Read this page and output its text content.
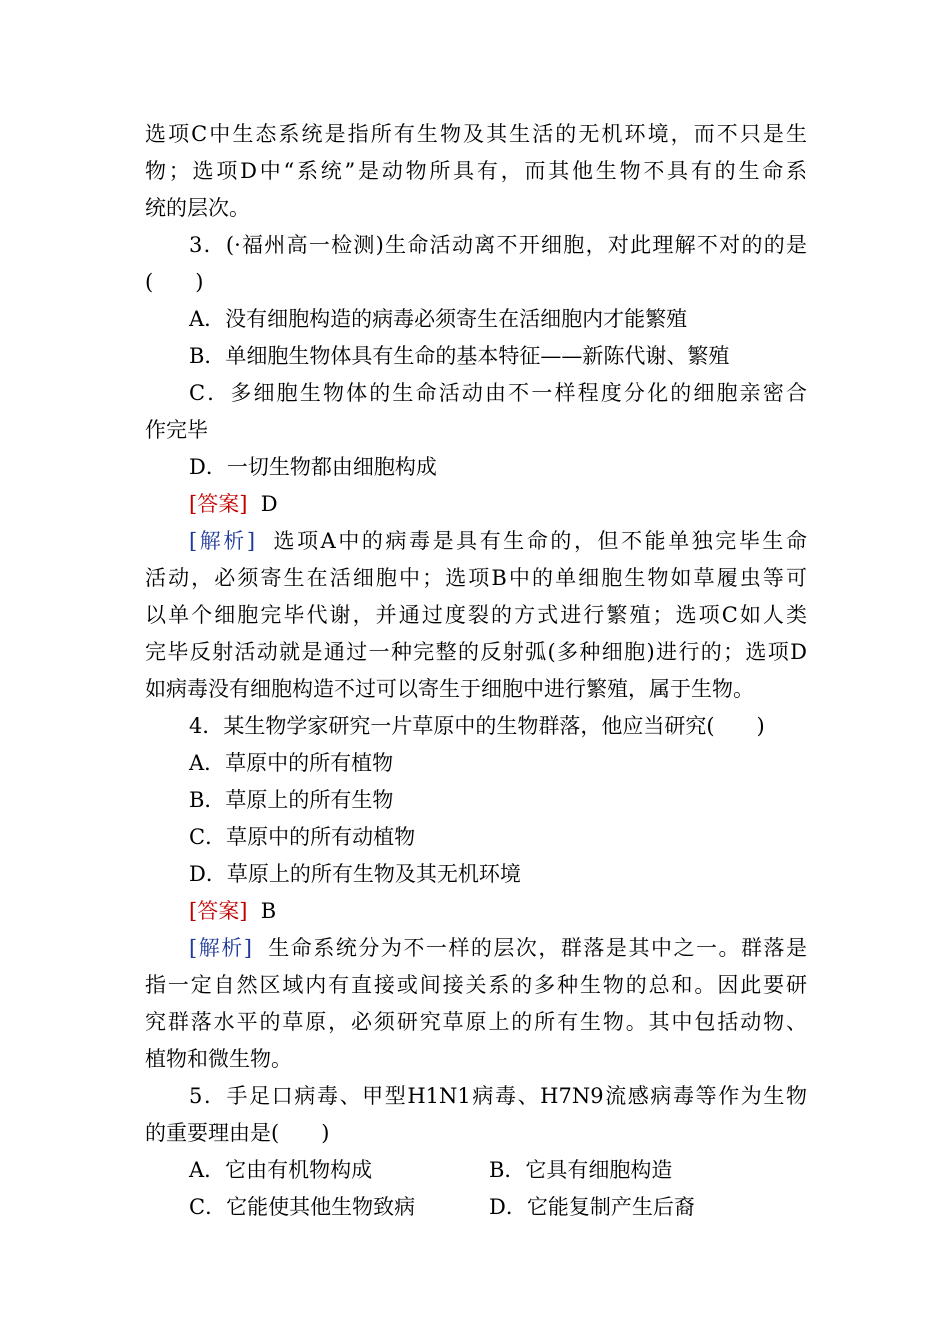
选项C中生态系统是指所有生物及其生活的无机环境，而不只是生
物；选项D中“系统”是动物所具有，而其他生物不具有的生命系
统的层次。
3．(·福州高一检测)生命活动离不开细胞，对此理解不对的的是
(　　)
A．没有细胞构造的病毒必须寄生在活细胞内才能繁殖
B．单细胞生物体具有生命的基本特征——新陈代谢、繁殖
C．多细胞生物体的生命活动由不一样程度分化的细胞亲密合
作完毕
D．一切生物都由细胞构成
[答案] D
[解析] 选项A中的病毒是具有生命的，但不能单独完毕生命
活动，必须寄生在活细胞中；选项B中的单细胞生物如草履虫等可
以单个细胞完毕代谢，并通过度裂的方式进行繁殖；选项C如人类
完毕反射活动就是通过一种完整的反射弧(多种细胞)进行的；选项D
如病毒没有细胞构造不过可以寄生于细胞中进行繁殖，属于生物。
4．某生物学家研究一片草原中的生物群落，他应当研究(　　)
A．草原中的所有植物
B．草原上的所有生物
C．草原中的所有动植物
D．草原上的所有生物及其无机环境
[答案] B
[解析] 生命系统分为不一样的层次，群落是其中之一。群落是
指一定自然区域内有直接或间接关系的多种生物的总和。因此要研
究群落水平的草原，必须研究草原上的所有生物。其中包括动物、
植物和微生物。
5．手足口病毒、甲型H1N1病毒、H7N9流感病毒等作为生物
的重要理由是(　　)
A．它由有机物构成	B．它具有细胞构造
C．它能使其他生物致病	D．它能复制产生后裔
